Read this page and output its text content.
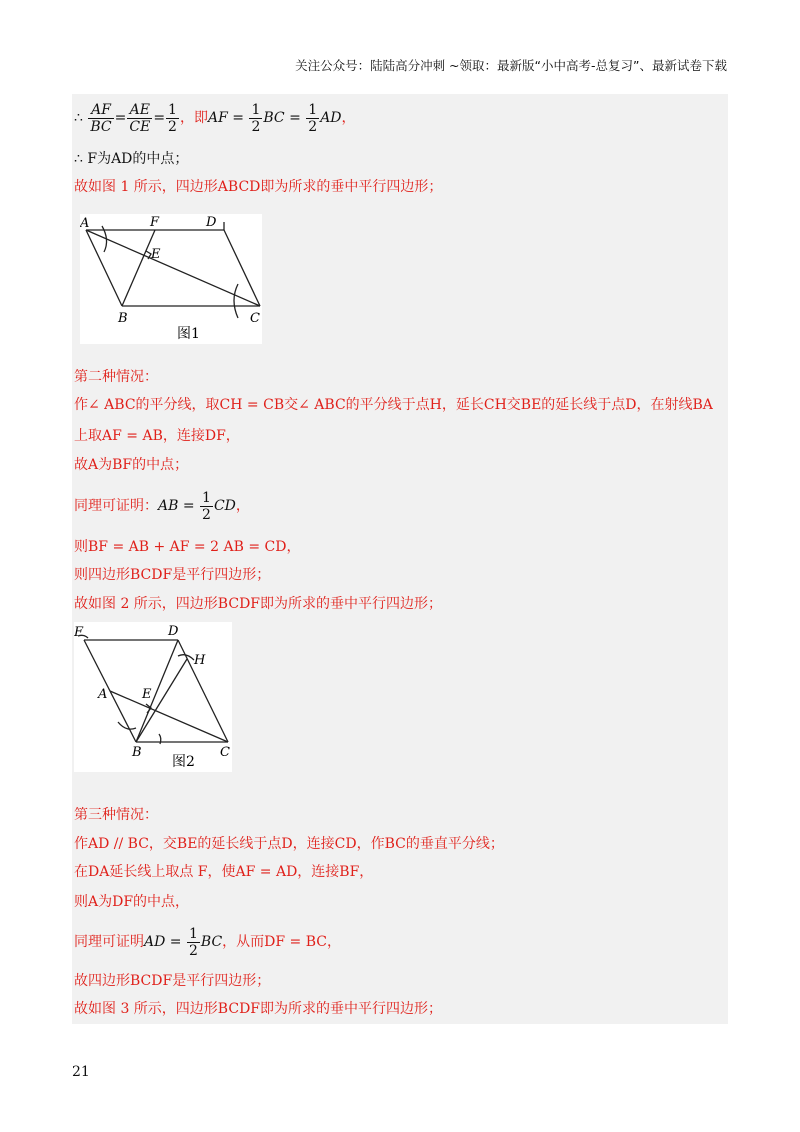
关注公众号：陆陆高分冲刺 ~领取：最新版“小中高考-总复习”、最新试卷下载
∴ $\frac{AF}{BC} = \frac{AE}{CE} = \frac{1}{2}$ ，即AF = $\frac{1}{2}$ BC = $\frac{1}{2}$ AD，
∴ F为AD的中点；
故如图 1 所示，四边形ABCD即为所求的垂中平行四边形；
A	F	D
E
B	C
图1
第二种情况：
作∠ ABC的平分线，取CH = CB交∠ ABC的平分线于点H，延长CH交BE的延长线于点D，在射线BA
上取AF = AB，连接DF，
故A为BF的中点；
同理可证明：AB = $\frac{1}{2}$ CD，
则BF = AB + AF = 2 AB = CD，
则四边形BCDF是平行四边形；
故如图 2 所示，四边形BCDF即为所求的垂中平行四边形；
F	D
H
A	E
B	C
图2
第三种情况：
作AD // BC，交BE的延长线于点D，连接CD，作BC的垂直平分线；
在DA延长线上取点 F，使AF = AD，连接BF，
则A为DF的中点，
同理可证明AD = $\frac{1}{2}$ BC，从而DF = BC，
故四边形BCDF是平行四边形；
故如图 3 所示，四边形BCDF即为所求的垂中平行四边形；
21
